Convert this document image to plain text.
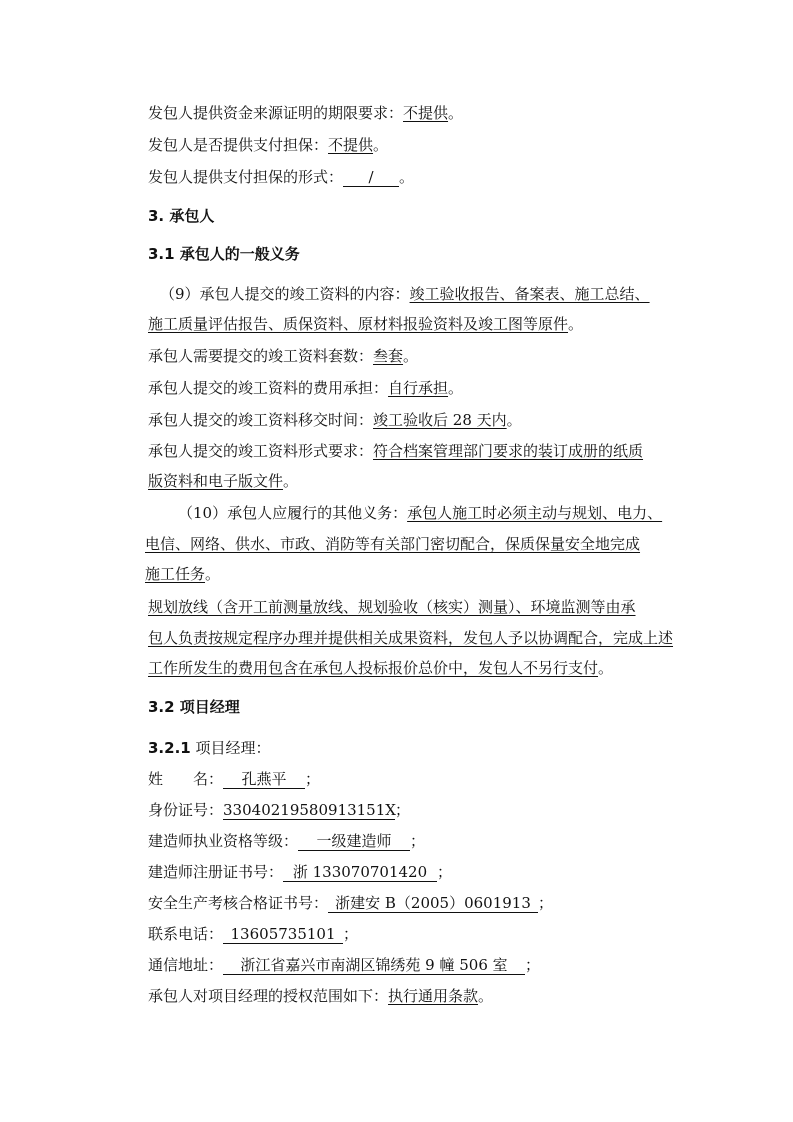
发包人提供资金来源证明的期限要求：不提供。
发包人是否提供支付担保：不提供。
发包人提供支付担保的形式： / 。
3. 承包人
3.1 承包人的一般义务
（9）承包人提交的竣工资料的内容：竣工验收报告、备案表、施工总结、
施工质量评估报告、质保资料、原材料报验资料及竣工图等原件。
承包人需要提交的竣工资料套数：叁套。
承包人提交的竣工资料的费用承担：自行承担。
承包人提交的竣工资料移交时间：竣工验收后 28 天内。
承包人提交的竣工资料形式要求：符合档案管理部门要求的装订成册的纸质
版资料和电子版文件。
（10）承包人应履行的其他义务：承包人施工时必须主动与规划、电力、
电信、网络、供水、市政、消防等有关部门密切配合，保质保量安全地完成
施工任务。
规划放线（含开工前测量放线、规划验收（核实）测量）、环境监测等由承
包人负责按规定程序办理并提供相关成果资料，发包人予以协调配合，完成上述
工作所发生的费用包含在承包人投标报价总价中，发包人不另行支付。
3.2 项目经理
3.2.1 项目经理：
姓　　名： 孔燕平 ；
身份证号：33040219580913151X；
建造师执业资格等级： 一级建造师 ；
建造师注册证书号： 浙 133070701420 ；
安全生产考核合格证书号： 浙建安 B（2005）0601913 ；
联系电话： 13605735101 ；
通信地址： 浙江省嘉兴市南湖区锦绣苑 9 幢 506 室 ；
承包人对项目经理的授权范围如下：执行通用条款。
